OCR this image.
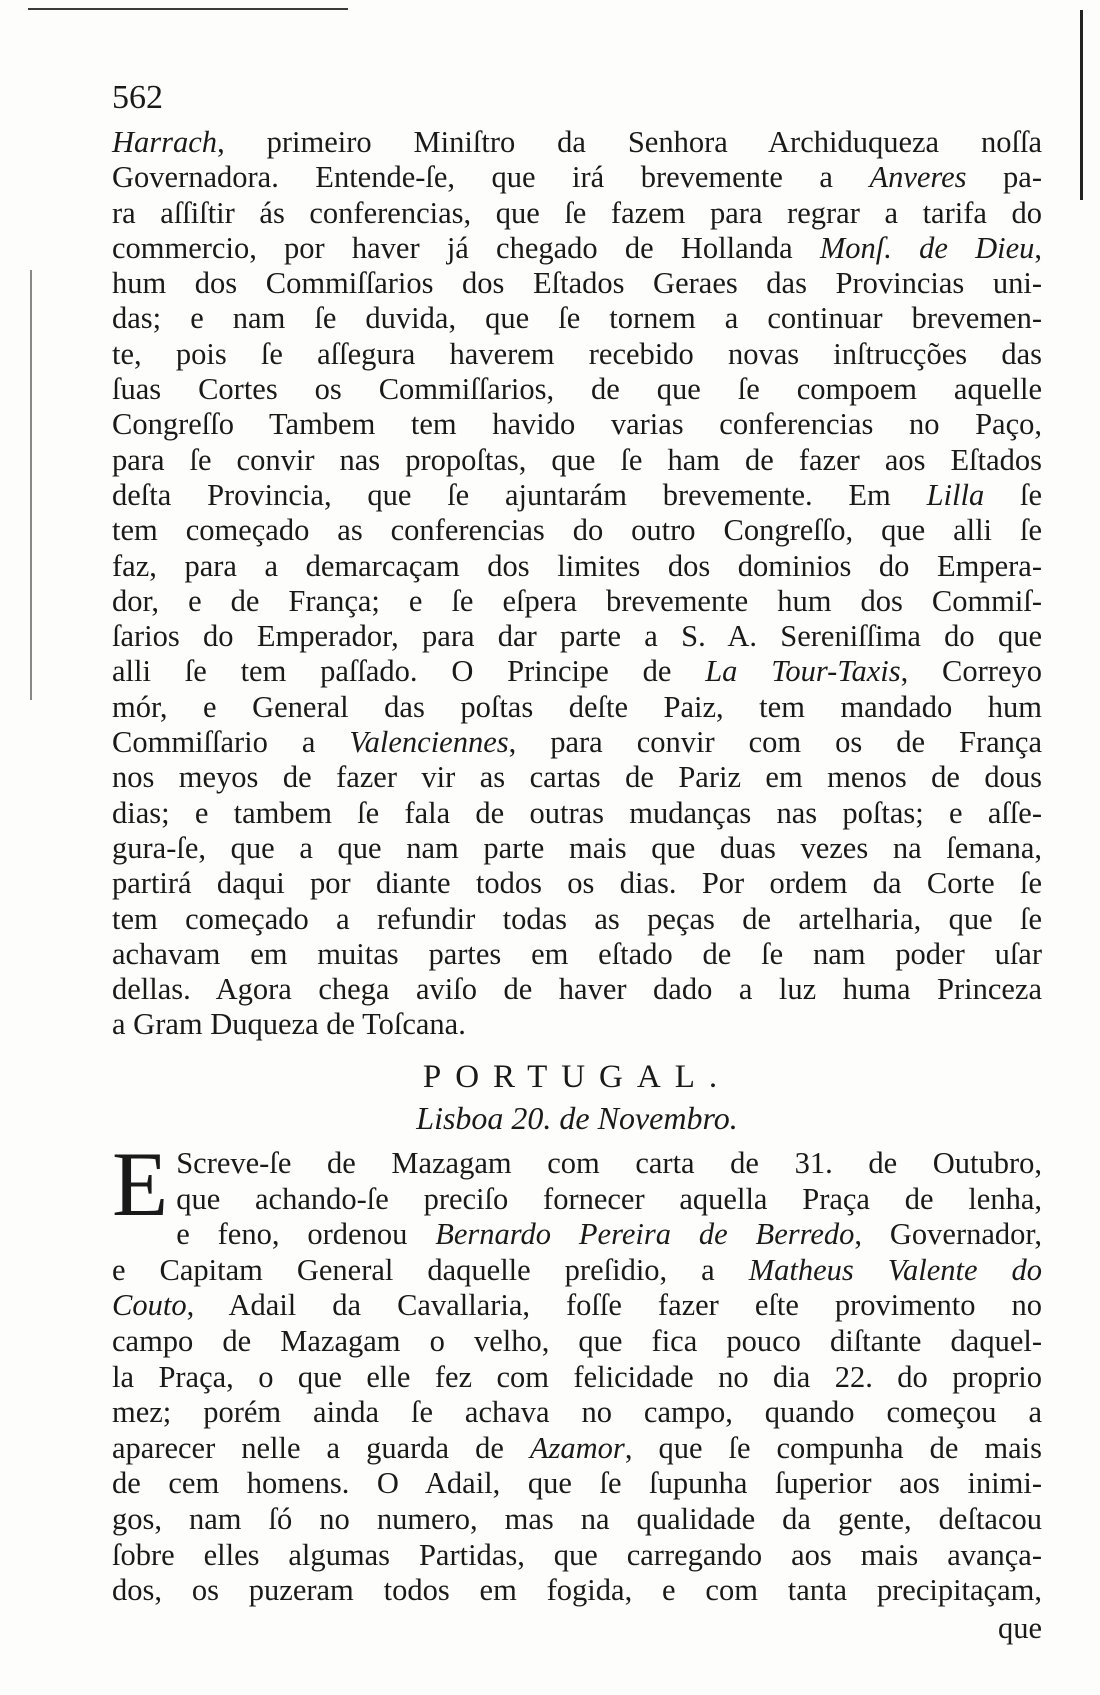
562
Harrach, primeiro Miniſtro da Senhora Archiduqueza noſſa
Governadora. Entende-ſe, que irá brevemente a Anveres pa-
ra aſſiſtir ás conferencias, que ſe fazem para regrar a tarifa do
commercio, por haver já chegado de Hollanda Monſ. de Dieu,
hum dos Commiſſarios dos Eſtados Geraes das Provincias uni-
das; e nam ſe duvida, que ſe tornem a continuar brevemen-
te, pois ſe aſſegura haverem recebido novas inſtrucções das
ſuas Cortes os Commiſſarios, de que ſe compoem aquelle
Congreſſo Tambem tem havido varias conferencias no Paço,
para ſe convir nas propoſtas, que ſe ham de fazer aos Eſtados
deſta Provincia, que ſe ajuntarám brevemente. Em Lilla ſe
tem começado as conferencias do outro Congreſſo, que alli ſe
faz, para a demarcaçam dos limites dos dominios do Empera-
dor, e de França; e ſe eſpera brevemente hum dos Commiſ-
ſarios do Emperador, para dar parte a S. A. Sereniſſima do que
alli ſe tem paſſado. O Principe de La Tour-Taxis, Correyo
mór, e General das poſtas deſte Paiz, tem mandado hum
Commiſſario a Valenciennes, para convir com os de França
nos meyos de fazer vir as cartas de Pariz em menos de dous
dias; e tambem ſe fala de outras mudanças nas poſtas; e aſſe-
gura-ſe, que a que nam parte mais que duas vezes na ſemana,
partirá daqui por diante todos os dias. Por ordem da Corte ſe
tem começado a refundir todas as peças de artelharia, que ſe
achavam em muitas partes em eſtado de ſe nam poder uſar
dellas. Agora chega aviſo de haver dado a luz huma Princeza
a Gram Duqueza de Toſcana.
PORTUGAL.
Lisboa 20. de Novembro.
E Screve-ſe de Mazagam com carta de 31. de Outubro,
que achando-ſe preciſo fornecer aquella Praça de lenha,
e feno, ordenou Bernardo Pereira de Berredo, Governador,
e Capitam General daquelle preſidio, a Matheus Valente do
Couto, Adail da Cavallaria, foſſe fazer eſte provimento no
campo de Mazagam o velho, que fica pouco diſtante daquel-
la Praça, o que elle fez com felicidade no dia 22. do proprio
mez; porém ainda ſe achava no campo, quando começou a
aparecer nelle a guarda de Azamor, que ſe compunha de mais
de cem homens. O Adail, que ſe ſupunha ſuperior aos inimi-
gos, nam ſó no numero, mas na qualidade da gente, deſtacou
ſobre elles algumas Partidas, que carregando aos mais avança-
dos, os puzeram todos em fogida, e com tanta precipitaçam,
que
